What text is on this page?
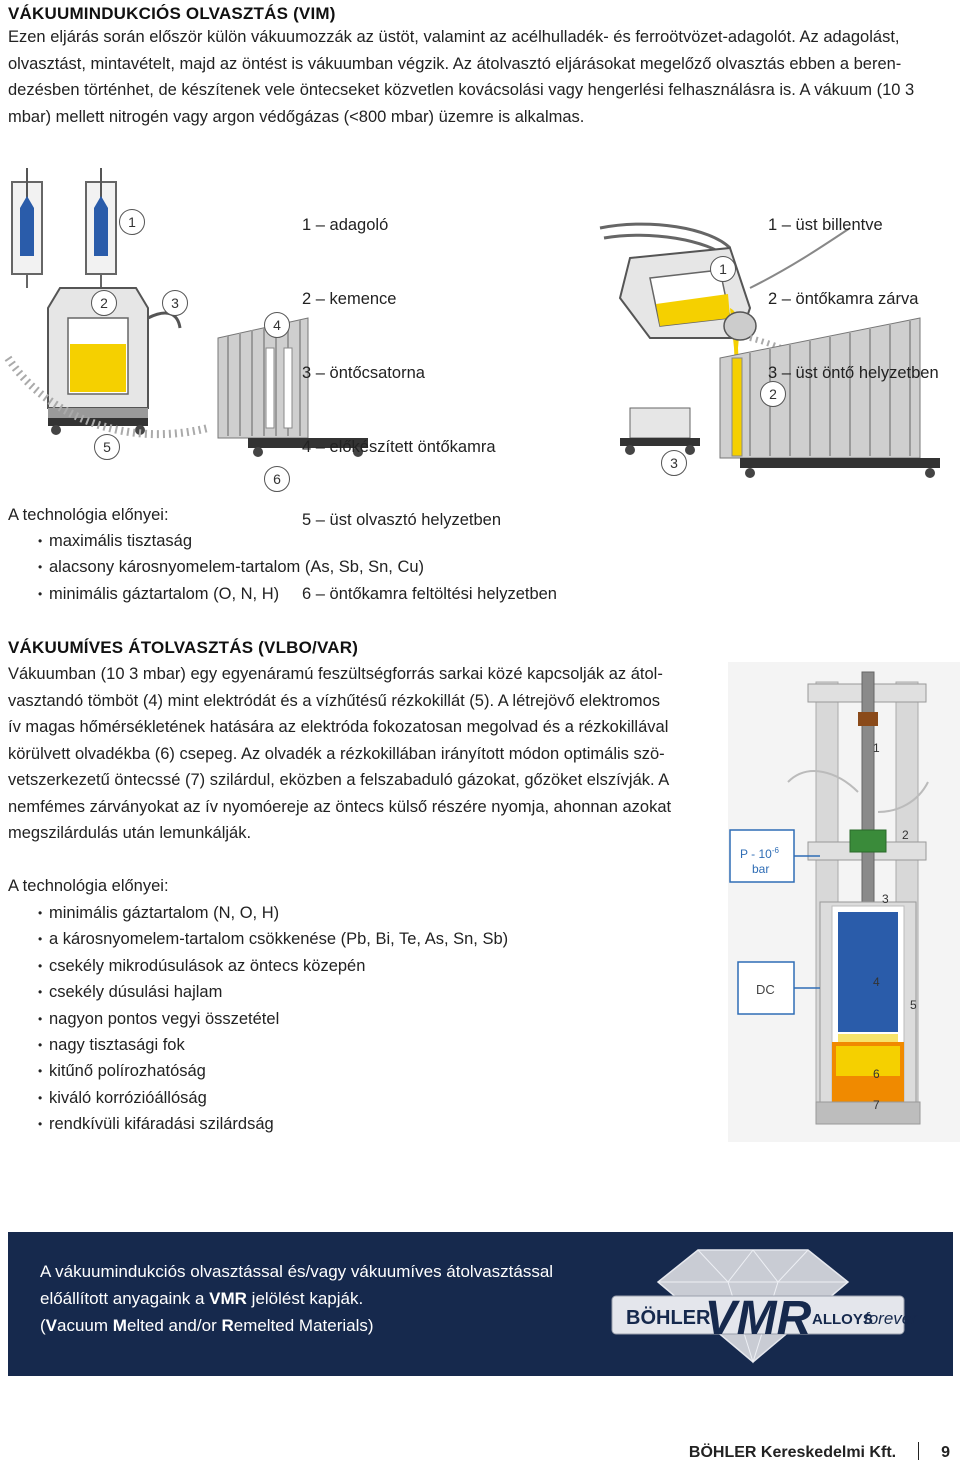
VÁKUUMINDUKCIÓS OLVASZTÁS (VIM)
Ezen eljárás során először külön vákuumozzák az üstöt, valamint az acélhulladék- és ferroötvözet-adagolót. Az adagolást,
olvasztást, mintavételt, majd az öntést is vákuumban végzik. Az átolvasztó eljárásokat megelőző olvasztás ebben a beren-
dezésben történhet, de készítenek vele öntecseket közvetlen kovácsolási vagy hengerlési felhasználásra is. A vákuum (10 3
mbar) mellett nitrogén vagy argon védőgázas (<800 mbar) üzemre is alkalmas.
1
2	3
4
5
6

1 – adagoló

2 – kemence

3 – öntőcsatorna

4 – előkészített öntőkamra

5 – üst olvasztó helyzetben

6 – öntőkamra feltöltési helyzetben

1
2
3

1 – üst billentve

2 – öntőkamra zárva

3 – üst öntő helyzetben

A technológia előnyei:
• maximális tisztaság
• alacsony károsnyomelem-tartalom (As, Sb, Sn, Cu)
• minimális gáztartalom (O, N, H)
VÁKUUMÍVES ÁTOLVASZTÁS (VLBO/VAR)
Vákuumban (10 3 mbar) egy egyenáramú feszültségforrás sarkai közé kapcsolják az átol-
vasztandó tömböt (4) mint elektródát és a vízhűtésű rézkokillát (5). A létrejövő elektromos
ív magas hőmérsékletének hatására az elektróda fokozatosan megolvad és a rézkokillával
körülvett olvadékba (6) csepeg. Az olvadék a rézkokillában irányított módon optimális szö-
vetszerkezetű öntecssé (7) szilárdul, eközben a felszabaduló gázokat, gőzöket elszívják. A
nemfémes zárványokat az ív nyomóereje az öntecs külső részére nyomja, ahonnan azokat
megszilárdulás után lemunkálják.
A technológia előnyei:
• minimális gáztartalom (N, O, H)
• a károsnyomelem-tartalom csökkenése (Pb, Bi, Te, As, Sn, Sb)
• csekély mikrodúsulások az öntecs közepén
• csekély dúsulási hajlam
• nagyon pontos vegyi összetétel
• nagy tisztasági fok
• kitűnő polírozhatóság
• kiváló korrózióállóság
• rendkívüli kifáradási szilárdság
P - $10^{-6}$
bar
DC
1
2
3
4
5
6
7
A vákuumindukciós olvasztással és/vagy vákuumíves átolvasztással
előállított anyagaink a VMR jelölést kapják.
(Vacuum Melted and/or Remelted Materials)	BÖHLER
VMR ALLOYS
forever
BÖHLER Kereskedelmi Kft.	9
